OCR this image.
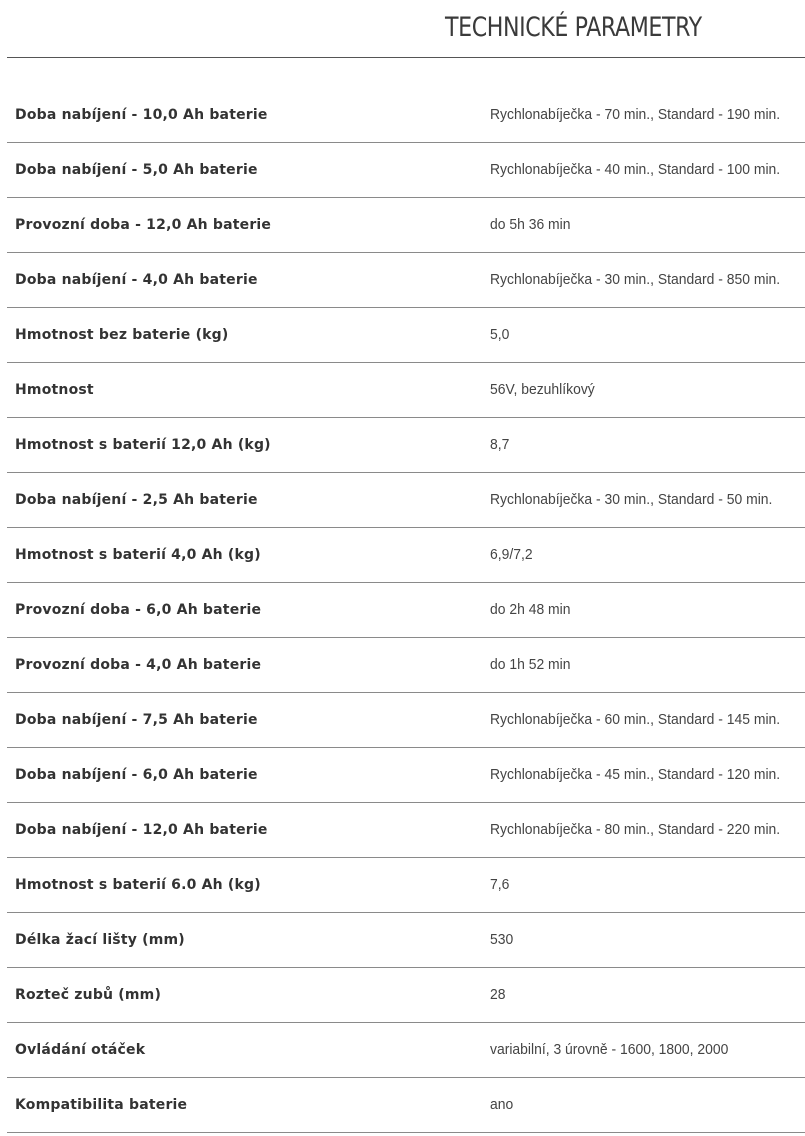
TECHNICKÉ PARAMETRY
Doba nabíjení - 10,0 Ah baterie	Rychlonabíječka - 70 min., Standard - 190 min.
Doba nabíjení - 5,0 Ah baterie	Rychlonabíječka - 40 min., Standard - 100 min.
Provozní doba - 12,0 Ah baterie	do 5h 36 min
Doba nabíjení - 4,0 Ah baterie	Rychlonabíječka - 30 min., Standard - 850 min.
Hmotnost bez baterie (kg)	5,0
Hmotnost	56V, bezuhlíkový
Hmotnost s baterií 12,0 Ah (kg)	8,7
Doba nabíjení - 2,5 Ah baterie	Rychlonabíječka - 30 min., Standard - 50 min.
Hmotnost s baterií 4,0 Ah (kg)	6,9/7,2
Provozní doba - 6,0 Ah baterie	do 2h 48 min
Provozní doba - 4,0 Ah baterie	do 1h 52 min
Doba nabíjení - 7,5 Ah baterie	Rychlonabíječka - 60 min., Standard - 145 min.
Doba nabíjení - 6,0 Ah baterie	Rychlonabíječka - 45 min., Standard - 120 min.
Doba nabíjení - 12,0 Ah baterie	Rychlonabíječka - 80 min., Standard - 220 min.
Hmotnost s baterií 6.0 Ah (kg)	7,6
Délka žací lišty (mm)	530
Rozteč zubů (mm)	28
Ovládání otáček	variabilní, 3 úrovně - 1600, 1800, 2000
Kompatibilita baterie	ano
